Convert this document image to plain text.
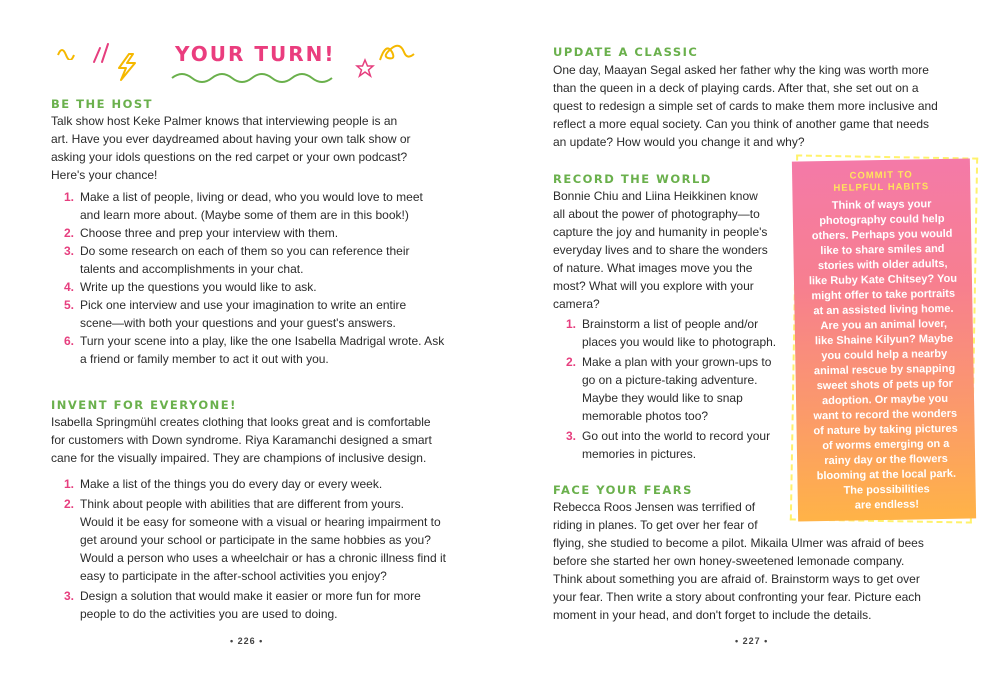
YOUR TURN!
BE THE HOST
Talk show host Keke Palmer knows that interviewing people is an
art. Have you ever daydreamed about having your own talk show or
asking your idols questions on the red carpet or your own podcast?
Here's your chance!
1. Make a list of people, living or dead, who you would love to meet
and learn more about. (Maybe some of them are in this book!)
2. Choose three and prep your interview with them.
3. Do some research on each of them so you can reference their
talents and accomplishments in your chat.
4. Write up the questions you would like to ask.
5. Pick one interview and use your imagination to write an entire
scene—with both your questions and your guest's answers.
6. Turn your scene into a play, like the one Isabella Madrigal wrote. Ask
a friend or family member to act it out with you.
INVENT FOR EVERYONE!
Isabella Springmühl creates clothing that looks great and is comfortable
for customers with Down syndrome. Riya Karamanchi designed a smart
cane for the visually impaired. They are champions of inclusive design.
1. Make a list of the things you do every day or every week.
2. Think about people with abilities that are different from yours.
Would it be easy for someone with a visual or hearing impairment to
get around your school or participate in the same hobbies as you?
Would a person who uses a wheelchair or has a chronic illness find it
easy to participate in the after-school activities you enjoy?
3. Design a solution that would make it easier or more fun for more
people to do the activities you are used to doing.
• 226 •
UPDATE A CLASSIC
One day, Maayan Segal asked her father why the king was worth more
than the queen in a deck of playing cards. After that, she set out on a
quest to redesign a simple set of cards to make them more inclusive and
reflect a more equal society. Can you think of another game that needs
an update? How would you change it and why?
RECORD THE WORLD
Bonnie Chiu and Liina Heikkinen know
all about the power of photography—to
capture the joy and humanity in people's
everyday lives and to share the wonders
of nature. What images move you the
most? What will you explore with your
camera?
1. Brainstorm a list of people and/or
places you would like to photograph.
2. Make a plan with your grown-ups to
go on a picture-taking adventure.
Maybe they would like to snap
memorable photos too?
3. Go out into the world to record your
memories in pictures.
FACE YOUR FEARS
Rebecca Roos Jensen was terrified of
riding in planes. To get over her fear of
flying, she studied to become a pilot. Mikaila Ulmer was afraid of bees
before she started her own honey-sweetened lemonade company.
Think about something you are afraid of. Brainstorm ways to get over
your fear. Then write a story about confronting your fear. Picture each
moment in your head, and don't forget to include the details.
COMMIT TO
HELPFUL HABITS
Think of ways your
photography could help
others. Perhaps you would
like to share smiles and
stories with older adults,
like Ruby Kate Chitsey? You
might offer to take portraits
at an assisted living home.
Are you an animal lover,
like Shaine Kilyun? Maybe
you could help a nearby
animal rescue by snapping
sweet shots of pets up for
adoption. Or maybe you
want to record the wonders
of nature by taking pictures
of worms emerging on a
rainy day or the flowers
blooming at the local park.
The possibilities
are endless!
• 227 •
